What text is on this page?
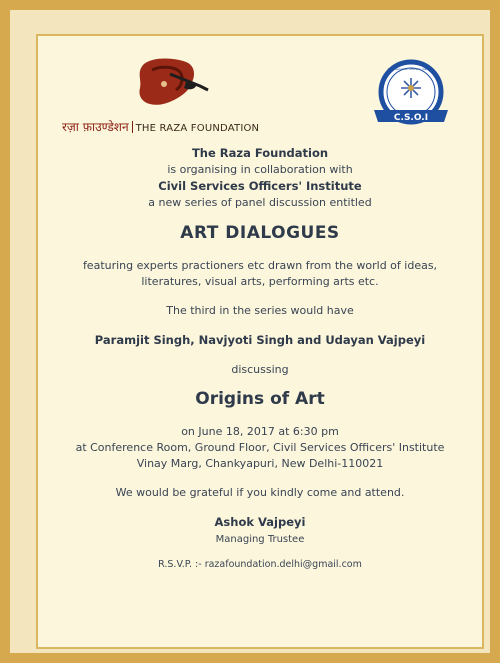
रज़ा फ़ाउण्डेशन THE RAZA FOUNDATION
C.S.O.I
Civil Services Officers' Institute
The Raza Foundation
is organising in collaboration with
Civil Services Officers' Institute
a new series of panel discussion entitled
ART DIALOGUES
featuring experts practioners etc drawn from the world of ideas,
literatures, visual arts, performing arts etc.
The third in the series would have
Paramjit Singh, Navjyoti Singh and Udayan Vajpeyi
discussing
Origins of Art
on June 18, 2017 at 6:30 pm
at Conference Room, Ground Floor, Civil Services Officers' Institute
Vinay Marg, Chankyapuri, New Delhi-110021
We would be grateful if you kindly come and attend.
Ashok Vajpeyi
Managing Trustee
R.S.V.P. :- razafoundation.delhi@gmail.com
